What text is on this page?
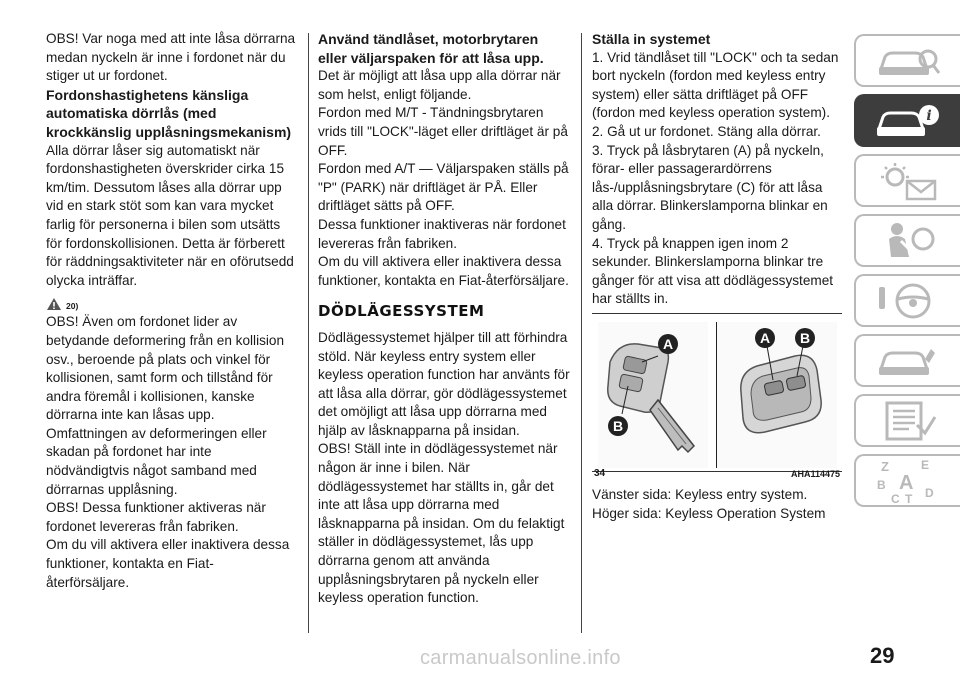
OBS! Var noga med att inte låsa dörrarna medan nyckeln är inne i fordonet när du stiger ut ur fordonet.

Fordonshastighetens känsliga automatiska dörrlås (med krockkänslig upplåsningsmekanism)

Alla dörrar låser sig automatiskt när fordonshastigheten överskrider cirka 15 km/tim. Dessutom låses alla dörrar upp vid en stark stöt som kan vara mycket farlig för personerna i bilen som utsätts för fordonskollisionen. Detta är förberett för räddningsaktiviteter när en oförutsedd olycka inträffar.

20)

OBS! Även om fordonet lider av betydande deformering från en kollision osv., beroende på plats och vinkel för kollisionen, samt form och tillstånd för andra föremål i kollisionen, kanske dörrarna inte kan låsas upp. Omfattningen av deformeringen eller skadan på fordonet har inte nödvändigtvis något samband med dörrarnas upplåsning.

OBS! Dessa funktioner aktiveras när fordonet levereras från fabriken.

Om du vill aktivera eller inaktivera dessa funktioner, kontakta en Fiat-återförsäljare.

Använd tändlåset, motorbrytaren eller väljarspaken för att låsa upp.

Det är möjligt att låsa upp alla dörrar när som helst, enligt följande.

Fordon med M/T - Tändningsbrytaren vrids till "LOCK"-läget eller driftläget är på OFF.

Fordon med A/T — Väljarspaken ställs på "P" (PARK) när driftläget är PÅ. Eller driftläget sätts på OFF.

Dessa funktioner inaktiveras när fordonet levereras från fabriken.

Om du vill aktivera eller inaktivera dessa funktioner, kontakta en Fiat-återförsäljare.

DÖDLÄGESSYSTEM

Dödlägessystemet hjälper till att förhindra stöld. När keyless entry system eller keyless operation function har använts för att låsa alla dörrar, gör dödlägessystemet det omöjligt att låsa upp dörrarna med hjälp av låsknapparna på insidan.

OBS! Ställ inte in dödlägessystemet när någon är inne i bilen. När dödlägessystemet har ställts in, går det inte att låsa upp dörrarna med låsknapparna på insidan. Om du felaktigt ställer in dödlägessystemet, lås upp dörrarna genom att använda upplåsningsbrytaren på nyckeln eller keyless operation function.

Ställa in systemet

1. Vrid tändlåset till "LOCK" och ta sedan bort nyckeln (fordon med keyless entry system) eller sätta driftläget på OFF (fordon med keyless operation system).

2. Gå ut ur fordonet. Stäng alla dörrar.

3. Tryck på låsbrytaren (A) på nyckeln, förar- eller passagerardörrens lås-/upplåsningsbrytare (C) för att låsa alla dörrar. Blinkerslamporna blinkar en gång.

4. Tryck på knappen igen inom 2 sekunder. Blinkerslamporna blinkar tre gånger för att visa att dödlägessystemet har ställts in.

A
B
A B
34	AHA114475

Vänster sida: Keyless entry system.

Höger sida: Keyless Operation System

i
Z	E
B A
C T D
carmanualsonline.info	29
